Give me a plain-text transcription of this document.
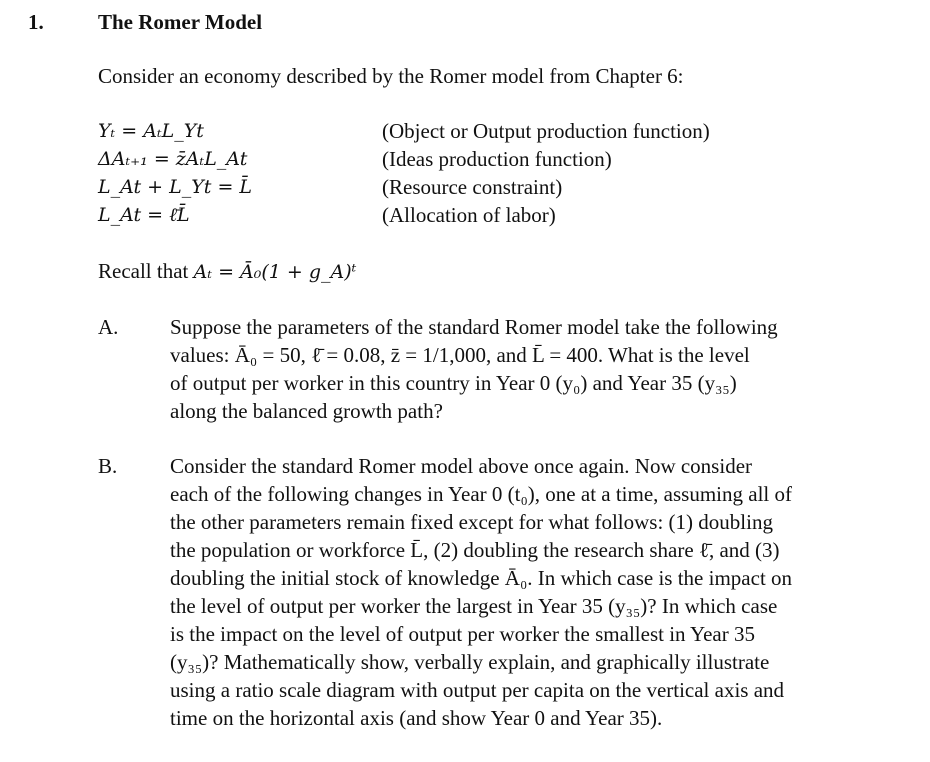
1.	The Romer Model
Consider an economy described by the Romer model from Chapter 6:
Yₜ = AₜL_Yt	(Object or Output production function)
ΔAₜ₊₁ = z̄AₜL_At	(Ideas production function)
L_At + L_Yt = L̄	(Resource constraint)
L_At = ℓ̄L̄	(Allocation of labor)
Recall that Aₜ = Ā₀(1 + g_A)ᵗ
A. Suppose the parameters of the standard Romer model take the following
values: Ā₀ = 50, ℓ̄ = 0.08, z̄ = 1/1,000, and L̄ = 400. What is the level
of output per worker in this country in Year 0 (y₀) and Year 35 (y₃₅)
along the balanced growth path?
B.	Consider the standard Romer model above once again. Now consider
each of the following changes in Year 0 (t₀), one at a time, assuming all of
the other parameters remain fixed except for what follows: (1) doubling
the population or workforce L̄, (2) doubling the research share ℓ̄, and (3)
doubling the initial stock of knowledge Ā₀. In which case is the impact on
the level of output per worker the largest in Year 35 (y₃₅)? In which case
is the impact on the level of output per worker the smallest in Year 35
(y₃₅)? Mathematically show, verbally explain, and graphically illustrate
using a ratio scale diagram with output per capita on the vertical axis and
time on the horizontal axis (and show Year 0 and Year 35).
